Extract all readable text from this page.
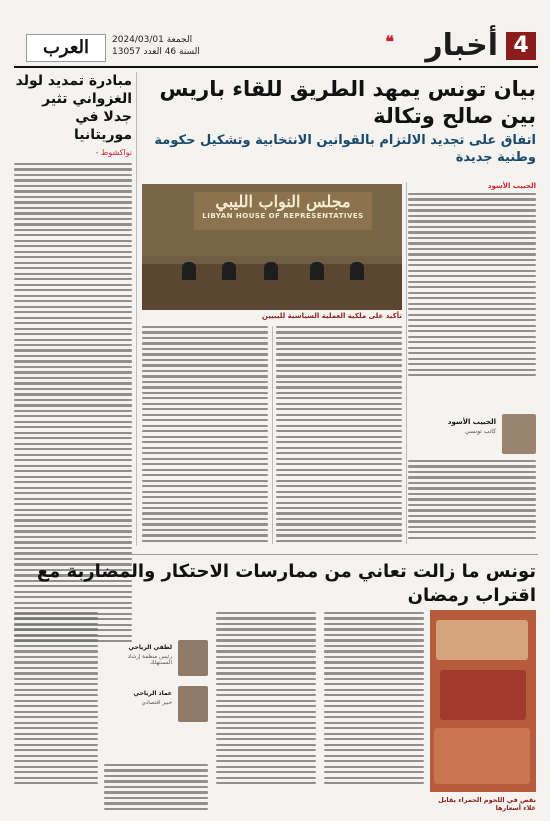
4
أخبار
❝
العرب	الجمعة 2024/03/01
السنة 46 العدد 13057
بيان تونس يمهد الطريق للقاء باريس بين صالح وتكالة
اتفاق على تجديد الالتزام بالقوانين الانتخابية وتشكيل حكومة وطنية جديدة
مبادرة تمديد لولد الغزواني تثير جدلا في موريتانيا
نواكشوط -
مجلس النواب الليبي
LIBYAN HOUSE OF REPRESENTATIVES
تأكيد على ملكية العملية السياسية لليبيين
الحبيب الأسود
الحبيب الأسود
كاتب تونسي
تونس ما زالت تعاني من ممارسات الاحتكار والمضاربة مع اقتراب رمضان
نقص في اللحوم الحمراء يقابل غلاء أسعارها
لطفي الرياحي
رئيس منظمة إرشاد المستهلك
عماد الرياحي
خبير اقتصادي
